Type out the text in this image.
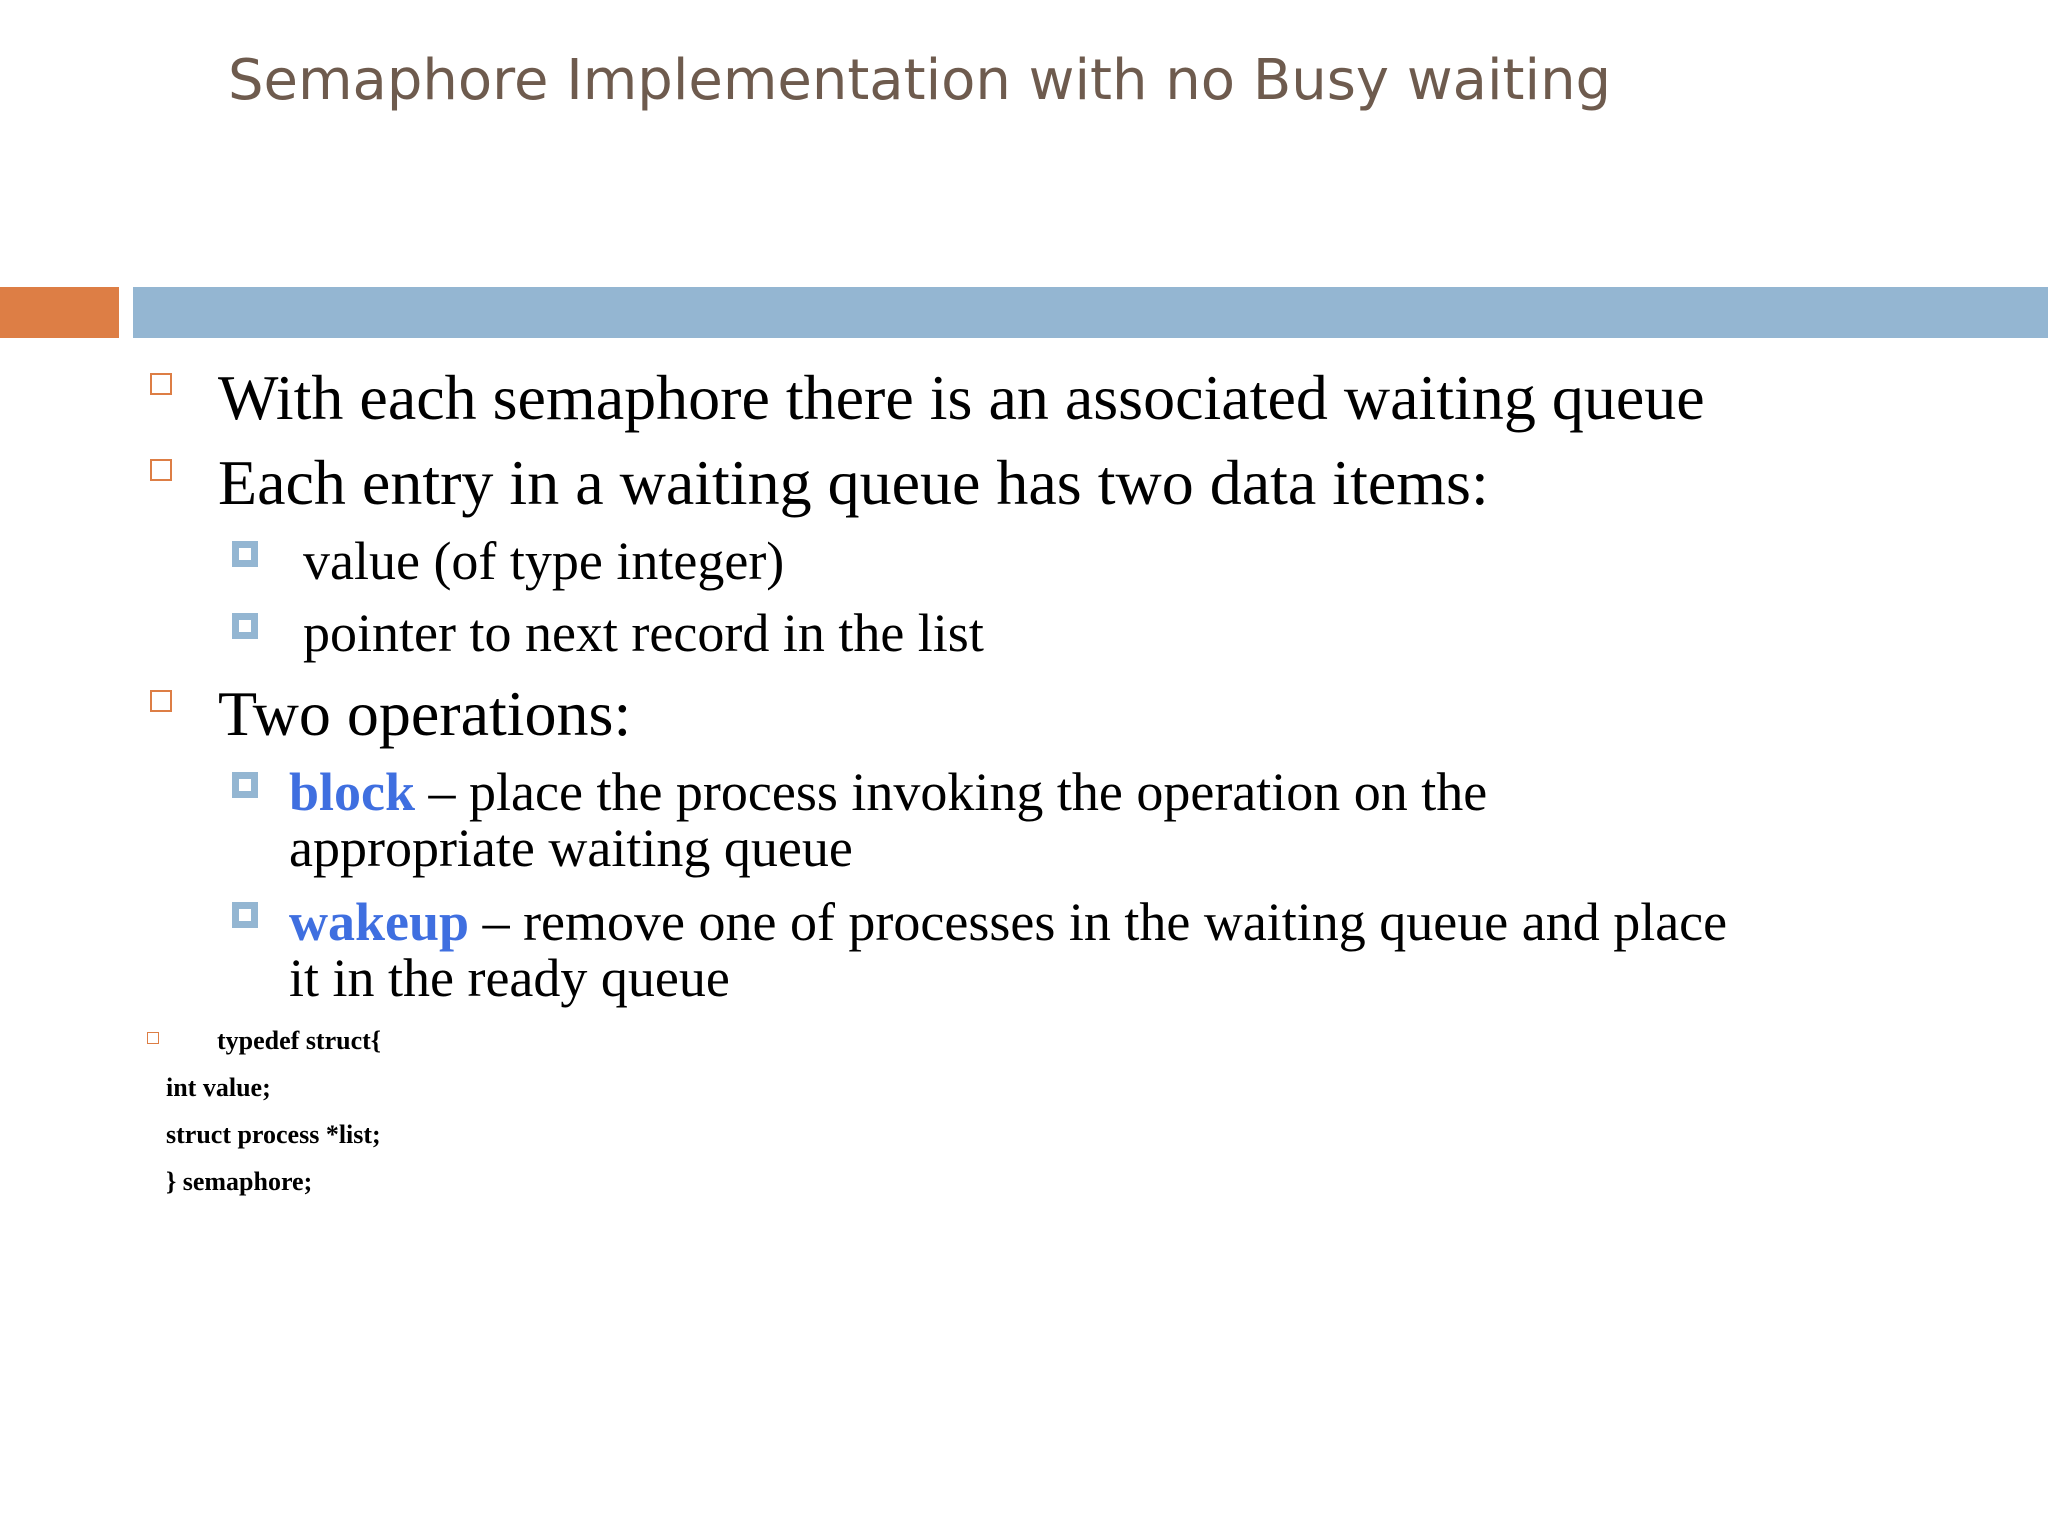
Semaphore Implementation with no Busy waiting
With each semaphore there is an associated waiting queue
Each entry in a waiting queue has two data items:
value (of type integer)
pointer to next record in the list
Two operations:
block – place the process invoking the operation on the
appropriate waiting queue
wakeup – remove one of processes in the waiting queue and place
it in the ready queue
typedef struct{
int value;
struct process *list;
} semaphore;
